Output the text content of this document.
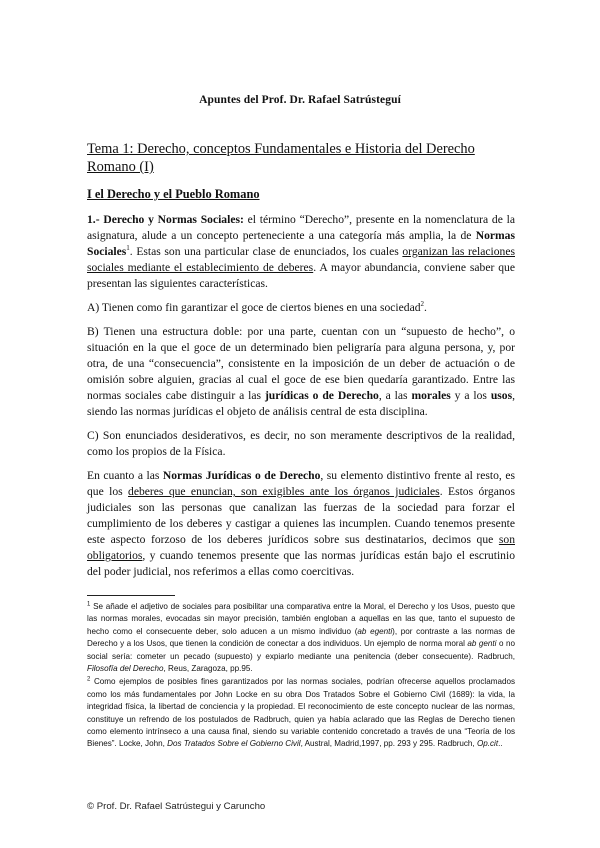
Apuntes del Prof. Dr. Rafael Satrústeguí
Tema 1: Derecho, conceptos Fundamentales e Historia del Derecho Romano (I)
I el Derecho y el Pueblo Romano

1.- Derecho y Normas Sociales: el término “Derecho”, presente en la nomenclatura de la asignatura, alude a un concepto perteneciente a una categoría más amplia, la de Normas Sociales$^1$. Estas son una particular clase de enunciados, los cuales organizan las relaciones sociales mediante el establecimiento de deberes. A mayor abundancia, conviene saber que presentan las siguientes características.

A) Tienen como fin garantizar el goce de ciertos bienes en una sociedad$^2$.

B) Tienen una estructura doble: por una parte, cuentan con un “supuesto de hecho”, o situación en la que el goce de un determinado bien peligraría para alguna persona, y, por otra, de una “consecuencia”, consistente en la imposición de un deber de actuación o de omisión sobre alguien, gracias al cual el goce de ese bien quedaría garantizado. Entre las normas sociales cabe distinguir a las jurídicas o de Derecho, a las morales y a los usos, siendo las normas jurídicas el objeto de análisis central de esta disciplina.

C) Son enunciados desiderativos, es decir, no son meramente descriptivos de la realidad, como los propios de la Física.

En cuanto a las Normas Jurídicas o de Derecho, su elemento distintivo frente al resto, es que los deberes que enuncian, son exigibles ante los órganos judiciales. Estos órganos judiciales son las personas que canalizan las fuerzas de la sociedad para forzar el cumplimiento de los deberes y castigar a quienes las incumplen. Cuando tenemos presente este aspecto forzoso de los deberes jurídicos sobre sus destinatarios, decimos que son obligatorios, y cuando tenemos presente que las normas jurídicas están bajo el escrutinio del poder judicial, nos referimos a ellas como coercitivas.

$^1$ Se añade el adjetivo de sociales para posibilitar una comparativa entre la Moral, el Derecho y los Usos, puesto que las normas morales, evocadas sin mayor precisión, también engloban a aquellas en las que, tanto el supuesto de hecho como el consecuente deber, solo aducen a un mismo individuo (ab egenti), por contraste a las normas de Derecho y a los Usos, que tienen la condición de conectar a dos individuos. Un ejemplo de norma moral ab genti o no social sería: cometer un pecado (supuesto) y expiarlo mediante una penitencia (deber consecuente). Radbruch, Filosofía del Derecho, Reus, Zaragoza, pp.95.
$^2$ Como ejemplos de posibles fines garantizados por las normas sociales, podrían ofrecerse aquellos proclamados como los más fundamentales por John Locke en su obra Dos Tratados Sobre el Gobierno Civil (1689): la vida, la integridad física, la libertad de conciencia y la propiedad. El reconocimiento de este concepto nuclear de las normas, constituye un refrendo de los postulados de Radbruch, quien ya había aclarado que las Reglas de Derecho tienen como elemento intrínseco a una causa final, siendo su variable contenido concretado a través de una “Teoría de los Bienes”. Locke, John, Dos Tratados Sobre el Gobierno Civil, Austral, Madrid,1997, pp. 293 y 295. Radbruch, Op.cit..
© Prof. Dr. Rafael Satrústegui y Caruncho
